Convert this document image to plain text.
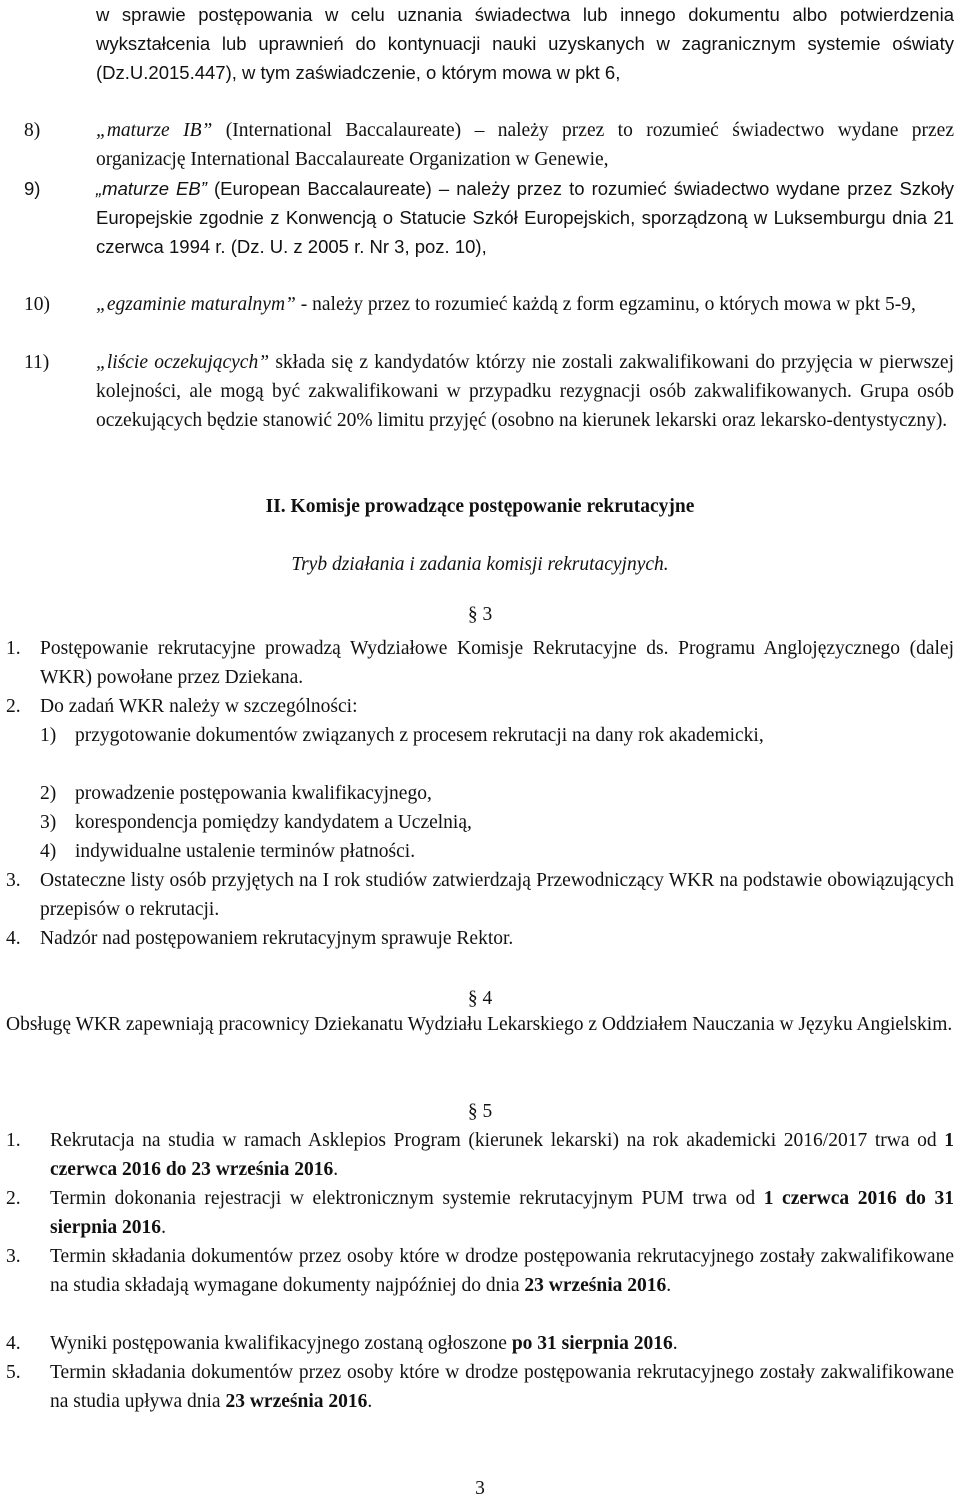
w sprawie postępowania w celu uznania świadectwa lub innego dokumentu albo potwierdzenia wykształcenia lub uprawnień do kontynuacji nauki uzyskanych w zagranicznym systemie oświaty (Dz.U.2015.447), w tym zaświadczenie, o którym mowa w pkt 6,
8)	„maturze IB” (International Baccalaureate) – należy przez to rozumieć świadectwo wydane przez organizację International Baccalaureate Organization w Genewie,
9)	„maturze EB” (European Baccalaureate) – należy przez to rozumieć świadectwo wydane przez Szkoły Europejskie zgodnie z Konwencją o Statucie Szkół Europejskich, sporządzoną w Luksemburgu dnia 21 czerwca 1994 r. (Dz. U. z 2005 r. Nr 3, poz. 10),
10)	„egzaminie maturalnym” - należy przez to rozumieć każdą z form egzaminu, o których mowa w pkt 5-9,
11)	„liście oczekujących” składa się z kandydatów którzy nie zostali zakwalifikowani do przyjęcia w pierwszej kolejności, ale mogą być zakwalifikowani w przypadku rezygnacji osób zakwalifikowanych. Grupa osób oczekujących będzie stanowić 20% limitu przyjęć (osobno na kierunek lekarski oraz lekarsko-dentystyczny).
II. Komisje prowadzące postępowanie rekrutacyjne
Tryb działania i zadania komisji rekrutacyjnych.
§ 3
1. Postępowanie rekrutacyjne prowadzą Wydziałowe Komisje Rekrutacyjne ds. Programu Anglojęzycznego (dalej WKR) powołane przez Dziekana.
2. Do zadań WKR należy w szczególności:
1) przygotowanie dokumentów związanych z procesem rekrutacji na dany rok akademicki,
2) prowadzenie postępowania kwalifikacyjnego,
3) korespondencja pomiędzy kandydatem a Uczelnią,
4) indywidualne ustalenie terminów płatności.
3. Ostateczne listy osób przyjętych na I rok studiów zatwierdzają Przewodniczący WKR na podstawie obowiązujących przepisów o rekrutacji.
4. Nadzór nad postępowaniem rekrutacyjnym sprawuje Rektor.
§ 4
Obsługę WKR zapewniają pracownicy Dziekanatu Wydziału Lekarskiego z Oddziałem Nauczania w Języku Angielskim.
§ 5
1.	Rekrutacja na studia w ramach Asklepios Program (kierunek lekarski) na rok akademicki 2016/2017 trwa od 1 czerwca 2016 do 23 września 2016.
2.	Termin dokonania rejestracji w elektronicznym systemie rekrutacyjnym PUM trwa od 1 czerwca 2016 do 31 sierpnia 2016.
3.	Termin składania dokumentów przez osoby które w drodze postępowania rekrutacyjnego zostały zakwalifikowane na studia składają wymagane dokumenty najpóźniej do dnia 23 września 2016.
4.	Wyniki postępowania kwalifikacyjnego zostaną ogłoszone po 31 sierpnia 2016.
5.	Termin składania dokumentów przez osoby które w drodze postępowania rekrutacyjnego zostały zakwalifikowane na studia upływa dnia 23 września 2016.
3
